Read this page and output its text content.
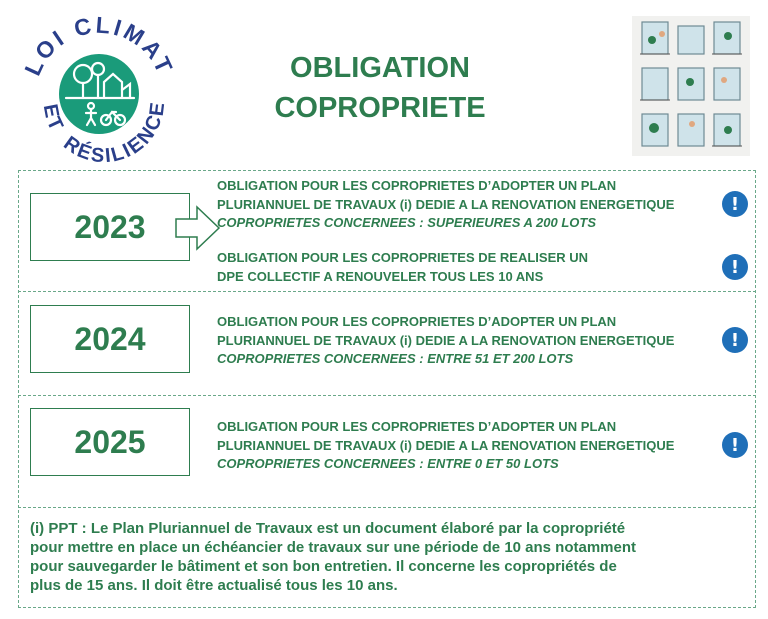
LOI CLIMAT
ET RÉSILIENCE
OBLIGATION
COPROPRIETE
2023
OBLIGATION POUR LES COPROPRIETES D’ADOPTER UN PLAN
PLURIANNUEL DE TRAVAUX (i) DEDIE A LA RENOVATION ENERGETIQUE
COPROPRIETES CONCERNEES : SUPERIEURES A 200 LOTS
!
OBLIGATION POUR LES COPROPRIETES DE REALISER UN
DPE COLLECTIF A RENOUVELER TOUS LES 10 ANS	!
2024	OBLIGATION POUR LES COPROPRIETES D’ADOPTER UN PLAN
PLURIANNUEL DE TRAVAUX (i) DEDIE A LA RENOVATION ENERGETIQUE
COPROPRIETES CONCERNEES : ENTRE 51 ET 200 LOTS
!
2025	OBLIGATION POUR LES COPROPRIETES D’ADOPTER UN PLAN
PLURIANNUEL DE TRAVAUX (i) DEDIE A LA RENOVATION ENERGETIQUE
COPROPRIETES CONCERNEES : ENTRE 0 ET 50 LOTS
!
(i) PPT : Le Plan Pluriannuel de Travaux est un document élaboré par la copropriété
pour mettre en place un échéancier de travaux sur une période de 10 ans notamment
pour sauvegarder le bâtiment et son bon entretien. Il concerne les copropriétés de
plus de 15 ans. Il doit être actualisé tous les 10 ans.
